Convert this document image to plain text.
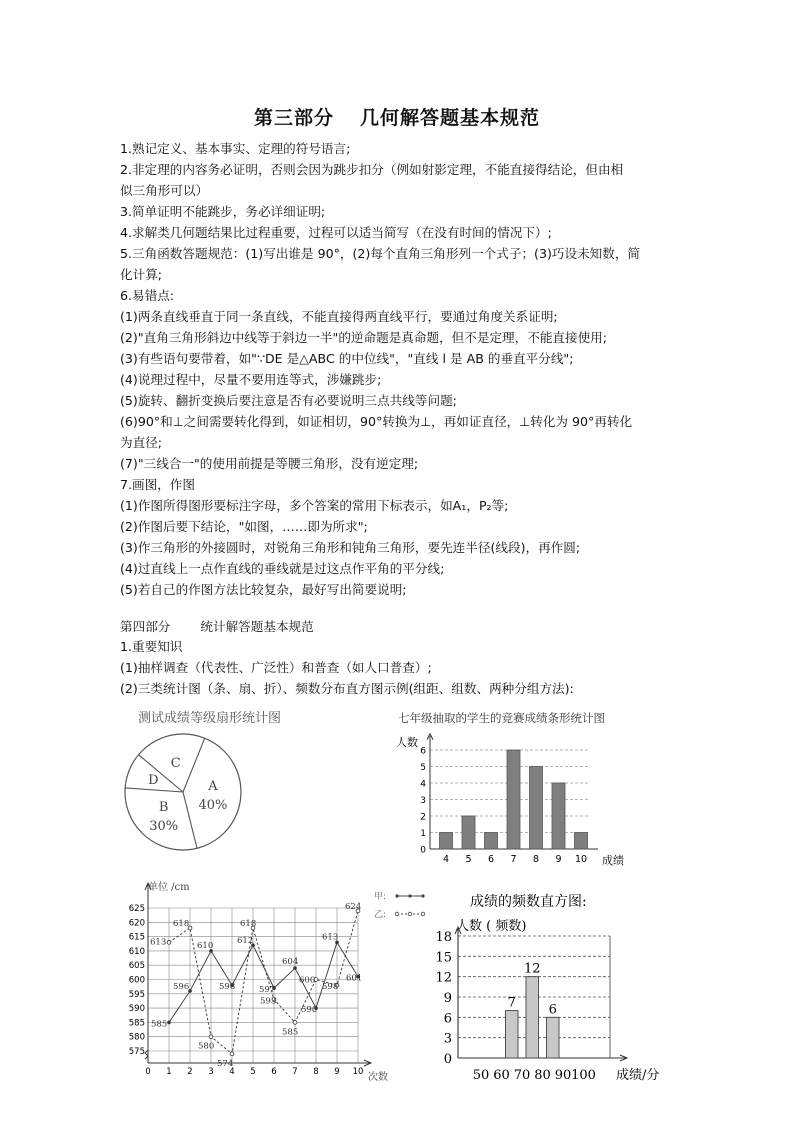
第三部分 几何解答题基本规范
1.熟记定义、基本事实、定理的符号语言;
2.非定理的内容务必证明，否则会因为跳步扣分（例如射影定理，不能直接得结论，但由相
似三角形可以）
3.简单证明不能跳步，务必详细证明;
4.求解类几何题结果比过程重要，过程可以适当简写（在没有时间的情况下）;
5.三角函数答题规范：(1)写出谁是 90°，(2)每个直角三角形列一个式子；(3)巧设未知数，简
化计算;
6.易错点:
(1)两条直线垂直于同一条直线，不能直接得两直线平行，要通过角度关系证明;
(2)"直角三角形斜边中线等于斜边一半"的逆命题是真命题，但不是定理，不能直接使用;
(3)有些语句要带着，如"∵DE 是△ABC 的中位线"，"直线 l 是 AB 的垂直平分线";
(4)说理过程中，尽量不要用连等式，涉嫌跳步;
(5)旋转、翻折变换后要注意是否有必要说明三点共线等问题;
(6)90°和⊥之间需要转化得到，如证相切，90°转换为⊥，再如证直径，⊥转化为 90°再转化
为直径;
(7)"三线合一"的使用前提是等腰三角形，没有逆定理;
7.画图，作图
(1)作图所得图形要标注字母，多个答案的常用下标表示，如A₁，P₂等;
(2)作图后要下结论，"如图，……即为所求";
(3)作三角形的外接圆时，对锐角三角形和钝角三角形，要先连半径(线段)，再作圆;
(4)过直线上一点作直线的垂线就是过这点作平角的平分线;
(5)若自己的作图方法比较复杂，最好写出简要说明;
第四部分 统计解答题基本规范
1.重要知识
(1)抽样调查（代表性、广泛性）和普查（如人口普查）;
(2)三类统计图（条、扇、折）、频数分布直方图示例(组距、组数、两种分组方法):
测试成绩等级扇形统计图
A
40%
B
30%
D
C
七年级抽取的学生的竞赛成绩条形统计图
人数
成绩
0
1
2
3
4
5
6
4 5 6 7 8 9 10
单位 /cm
次数
甲:
乙:
0 1 2 3 4 5 6 7 8 9 10
575
580
585
590
595
600
605
610
615
620
625
585
596
610
598
612
597
604
590
613
601
613
618
580
574
618
593
585
600
598
624	成绩的频数直方图:
人数 ( 频数)
成绩/分
0
3
6
9
12
15
18
7
12
6
50 60 70 80 90 100
